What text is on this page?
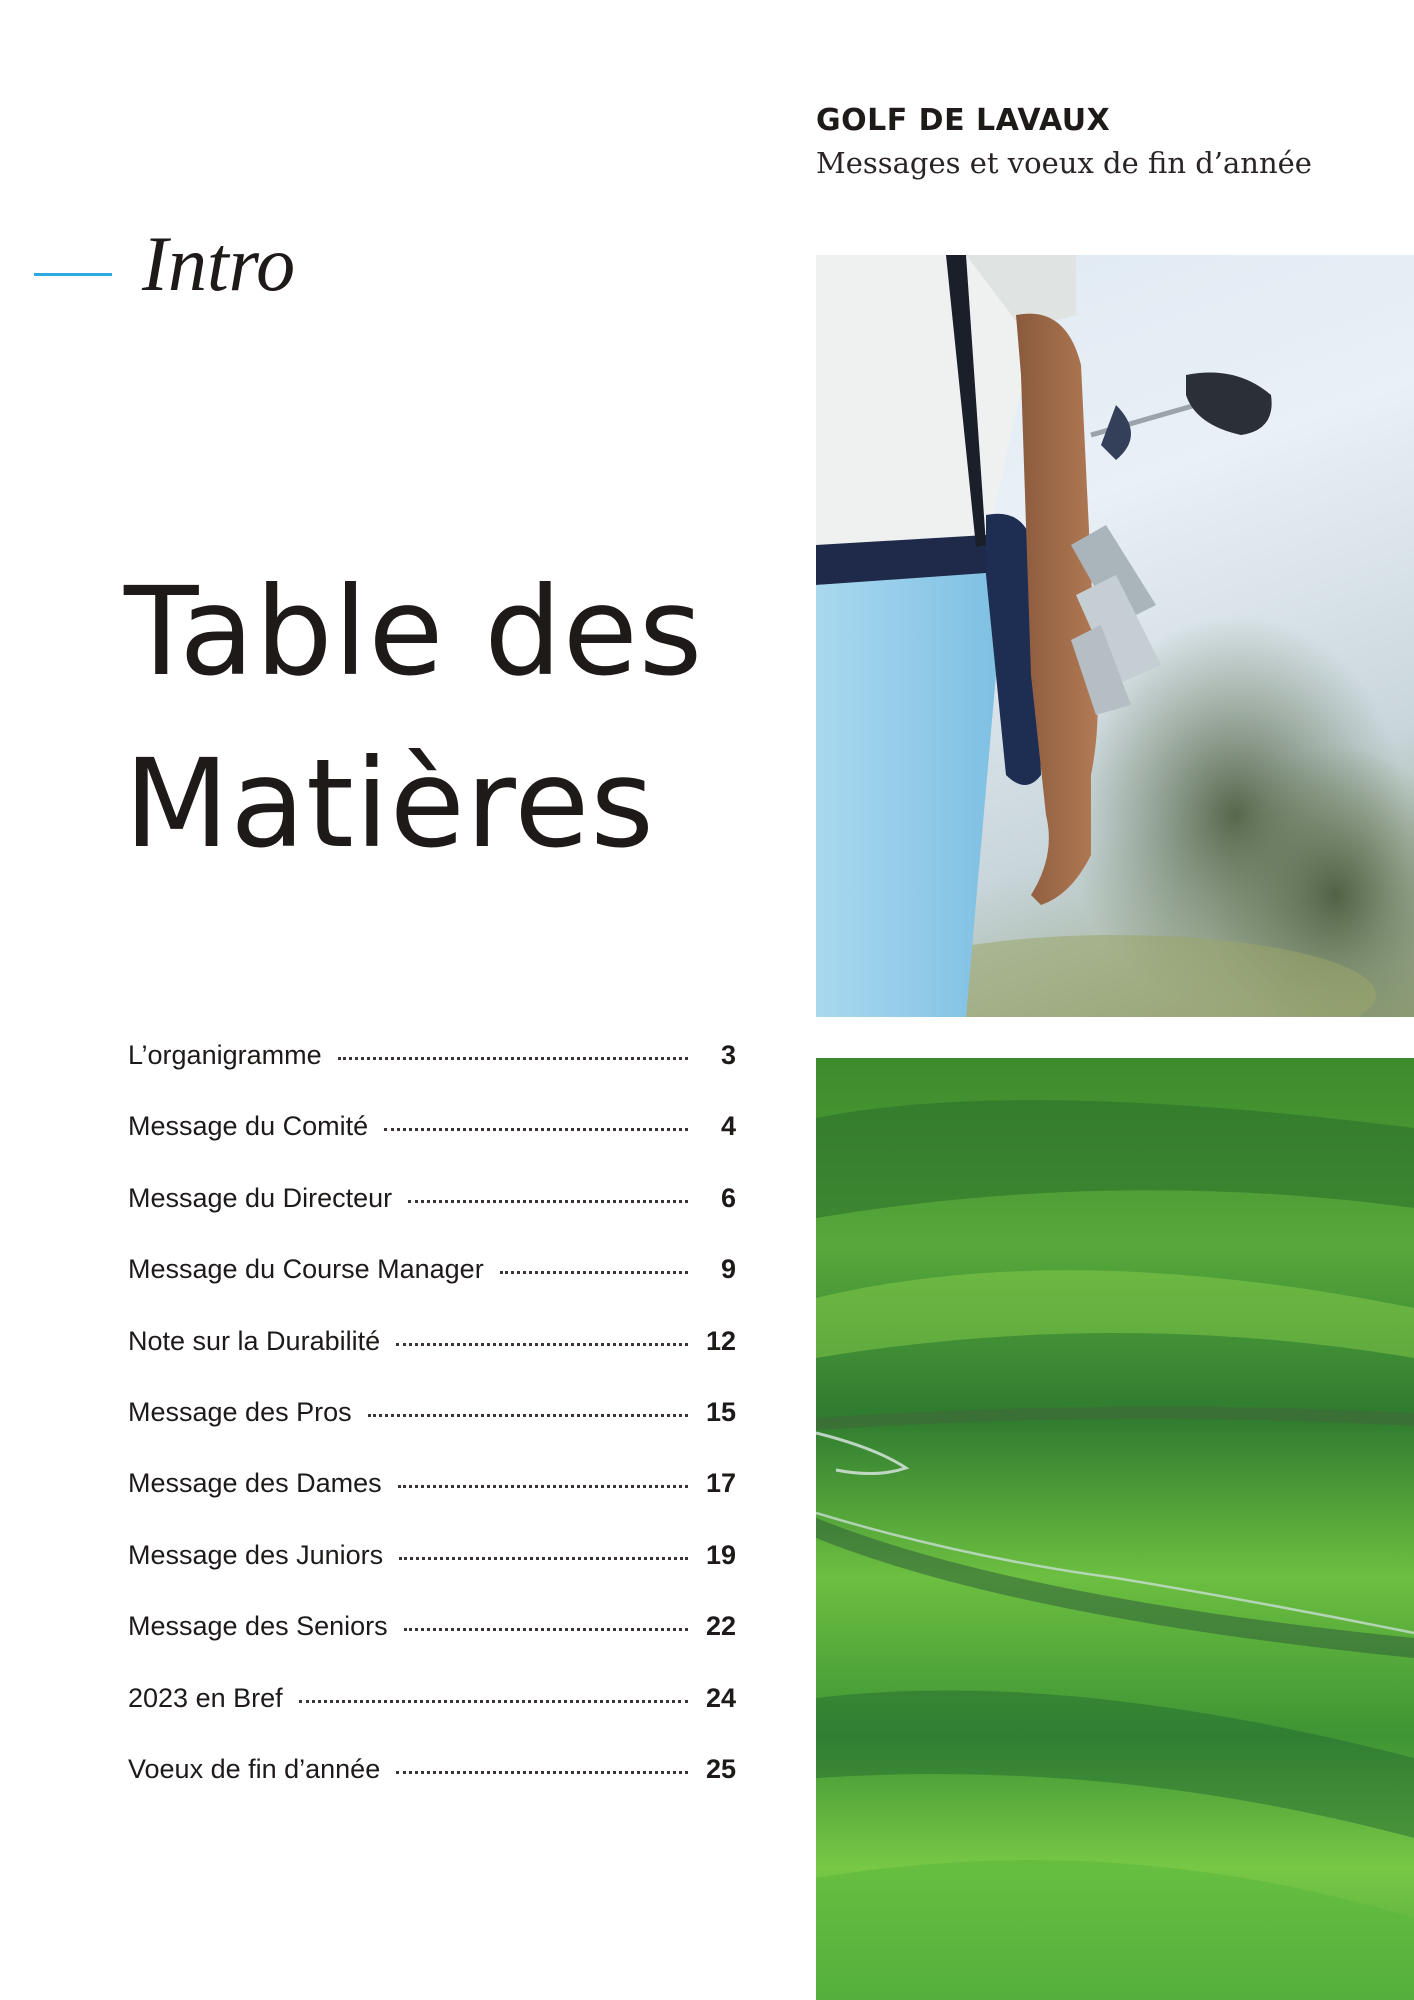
GOLF DE LAVAUX
Messages et voeux de fin d’année
Intro
Table des Matières
L’organigramme	3
Message du Comité	4
Message du Directeur	6
Message du Course Manager	9
Note sur la Durabilité	12
Message des Pros	15
Message des Dames	17
Message des Juniors	19
Message des Seniors	22
2023 en Bref	24
Voeux de fin d’année	25
